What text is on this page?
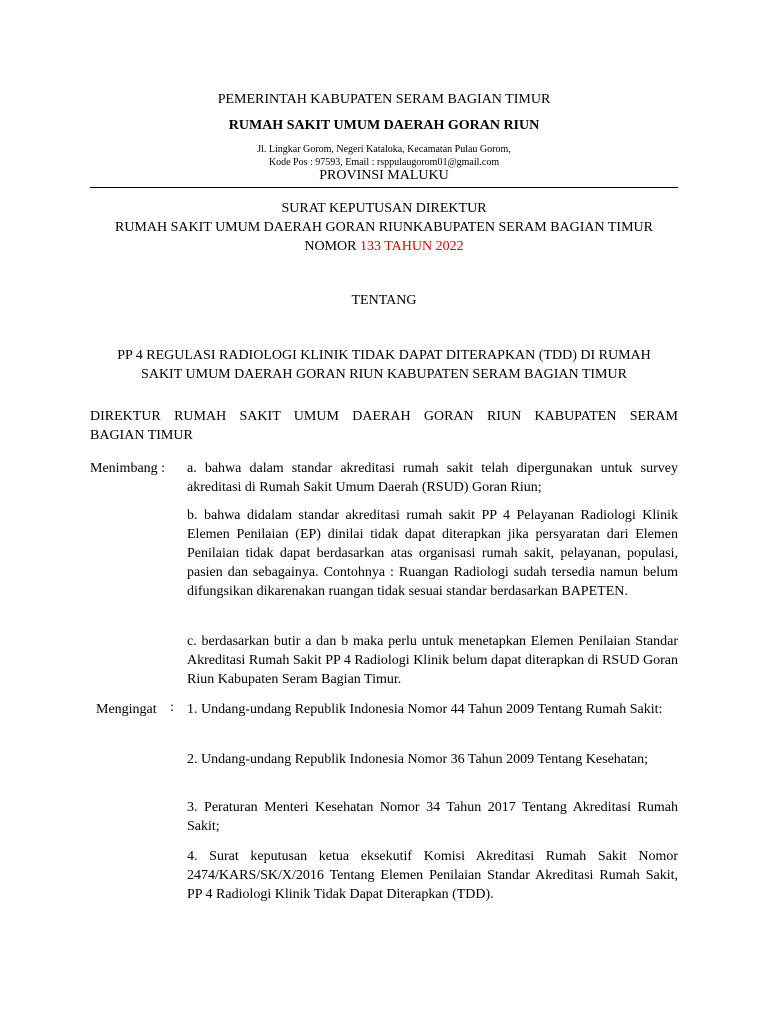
PEMERINTAH KABUPATEN SERAM BAGIAN TIMUR
RUMAH SAKIT UMUM DAERAH GORAN RIUN
Jl. Lingkar Gorom, Negeri Kataloka, Kecamatan Pulau Gorom,
Kode Pos : 97593, Email : rsppulaugorom01@gmail.com
PROVINSI MALUKU
SURAT KEPUTUSAN DIREKTUR
RUMAH SAKIT UMUM DAERAH GORAN RIUNKABUPATEN SERAM BAGIAN TIMUR
NOMOR 133 TAHUN 2022
TENTANG
PP 4 REGULASI RADIOLOGI KLINIK TIDAK DAPAT DITERAPKAN (TDD) DI RUMAH
SAKIT UMUM DAERAH GORAN RIUN KABUPATEN SERAM BAGIAN TIMUR
DIREKTUR RUMAH SAKIT UMUM DAERAH GORAN RIUN KABUPATEN SERAM
BAGIAN TIMUR
Menimbang : a. bahwa dalam standar akreditasi rumah sakit telah dipergunakan untuk survey akreditasi di Rumah Sakit Umum Daerah (RSUD) Goran Riun;
b. bahwa didalam standar akreditasi rumah sakit PP 4 Pelayanan Radiologi Klinik Elemen Penilaian (EP) dinilai tidak dapat diterapkan jika persyaratan dari Elemen Penilaian tidak dapat berdasarkan atas organisasi rumah sakit, pelayanan, populasi, pasien dan sebagainya. Contohnya : Ruangan Radiologi sudah tersedia namun belum difungsikan dikarenakan ruangan tidak sesuai standar berdasarkan BAPETEN.
c. berdasarkan butir a dan b maka perlu untuk menetapkan Elemen Penilaian Standar Akreditasi Rumah Sakit PP 4 Radiologi Klinik belum dapat diterapkan di RSUD Goran Riun Kabupaten Seram Bagian Timur.
Mengingat : 1. Undang-undang Republik Indonesia Nomor 44 Tahun 2009 Tentang Rumah Sakit:
2. Undang-undang Republik Indonesia Nomor 36 Tahun 2009 Tentang Kesehatan;
3. Peraturan Menteri Kesehatan Nomor 34 Tahun 2017 Tentang Akreditasi Rumah Sakit;
4. Surat keputusan ketua eksekutif Komisi Akreditasi Rumah Sakit Nomor 2474/KARS/SK/X/2016 Tentang Elemen Penilaian Standar Akreditasi Rumah Sakit, PP 4 Radiologi Klinik Tidak Dapat Diterapkan (TDD).
